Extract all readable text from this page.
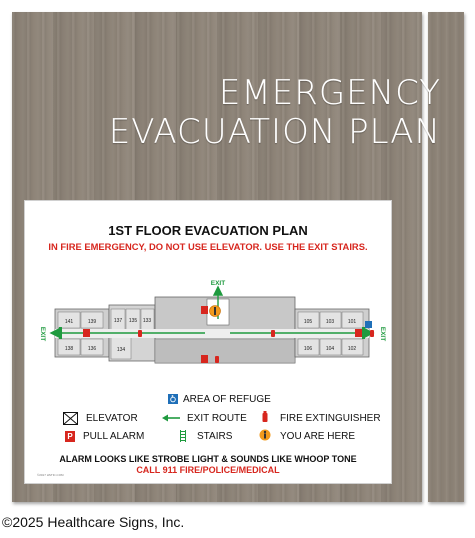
EMERGENCY
EVACUATION PLAN
1ST FLOOR EVACUATION PLAN
IN FIRE EMERGENCY, DO NOT USE ELEVATOR. USE THE EXIT STAIRS.
141	139	137 135 133
138	136	134
105	103	101
106	104	102
EXIT
EXIT	EXIT
AREA OF REFUGE
ELEVATOR	EXIT ROUTE	FIRE EXTINGUISHER
P PULL ALARM	STAIRS	YOU ARE HERE
ALARM LOOKS LIKE STROBE LIGHT & SOUNDS LIKE WHOOP TONE
CALL 911 FIRE/POLICE/MEDICAL
©2017 HSTIC.COM
©2025 Healthcare Signs, Inc.
